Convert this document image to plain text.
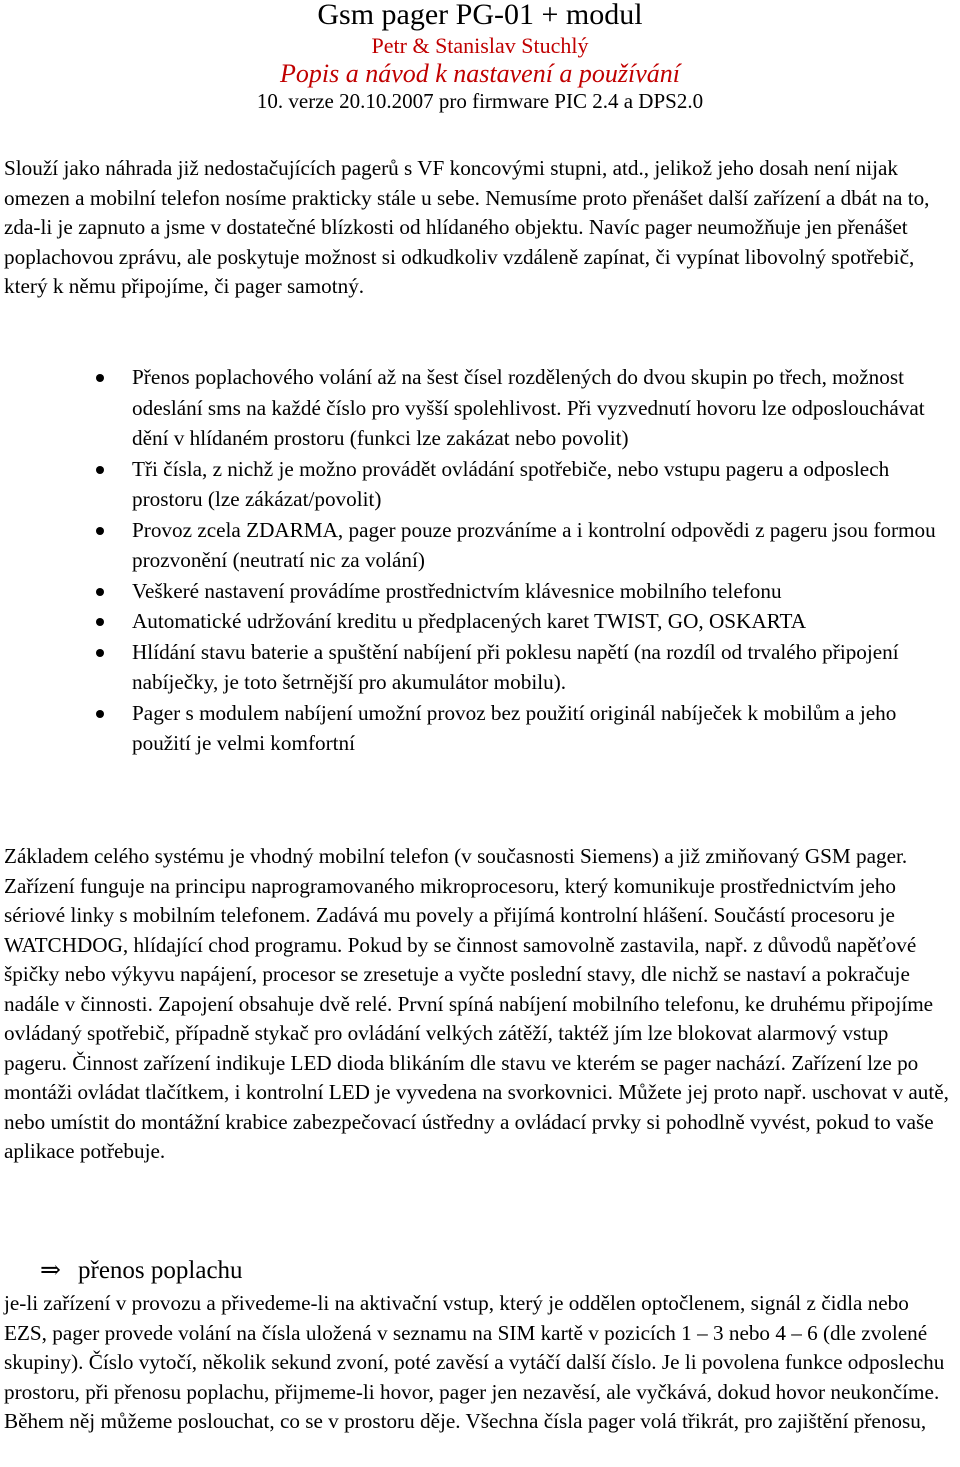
Gsm pager PG-01 + modul
Petr & Stanislav Stuchlý
Popis a návod k nastavení a používání
10. verze 20.10.2007 pro firmware PIC 2.4 a DPS2.0

Slouží jako náhrada již nedostačujících pagerů s VF koncovými stupni, atd., jelikož jeho dosah není nijak omezen a mobilní telefon nosíme prakticky stále u sebe. Nemusíme proto přenášet další zařízení a dbát na to, zda-li je zapnuto a jsme v dostatečné blízkosti od hlídaného objektu. Navíc pager neumožňuje jen přenášet poplachovou zprávu, ale poskytuje možnost si odkudkoliv vzdáleně zapínat, či vypínat libovolný spotřebič, který k němu připojíme, či pager samotný.

Přenos poplachového volání až na šest čísel rozdělených do dvou skupin po třech, možnost odeslání sms na každé číslo pro vyšší spolehlivost. Při vyzvednutí hovoru lze odposlouchávat dění v hlídaném prostoru (funkci lze zakázat nebo povolit)
Tři čísla, z nichž je možno provádět ovládání spotřebiče, nebo vstupu pageru a odposlech prostoru (lze zákázat/povolit)
Provoz zcela ZDARMA, pager pouze prozváníme a i kontrolní odpovědi z pageru jsou formou prozvonění (neutratí nic za volání)
Veškeré nastavení provádíme prostřednictvím klávesnice mobilního telefonu
Automatické udržování kreditu u předplacených karet TWIST, GO, OSKARTA
Hlídání stavu baterie a spuštění nabíjení při poklesu napětí (na rozdíl od trvalého připojení nabíječky, je toto šetrnější pro akumulátor mobilu).
Pager s modulem nabíjení umožní provoz bez použití originál nabíječek k mobilům a jeho použití je velmi komfortní

Základem celého systému je vhodný mobilní telefon (v současnosti Siemens) a již zmiňovaný GSM pager. Zařízení funguje na principu naprogramovaného mikroprocesoru, který komunikuje prostřednictvím jeho sériové linky s mobilním telefonem. Zadává mu povely a přijímá kontrolní hlášení. Součástí procesoru je WATCHDOG, hlídající chod programu. Pokud by se činnost samovolně zastavila, např. z důvodů napěťové špičky nebo výkyvu napájení, procesor se zresetuje a vyčte poslední stavy, dle nichž se nastaví a pokračuje nadále v činnosti. Zapojení obsahuje dvě relé. První spíná nabíjení mobilního telefonu, ke druhému připojíme ovládaný spotřebič, případně stykač pro ovládání velkých zátěží, taktéž jím lze blokovat alarmový vstup pageru. Činnost zařízení indikuje LED dioda blikáním dle stavu ve kterém se pager nachází. Zařízení lze po montáži ovládat tlačítkem, i kontrolní LED je vyvedena na svorkovnici. Můžete jej proto např. uschovat v autě, nebo umístit do montážní krabice zabezpečovací ústředny a ovládací prvky si pohodlně vyvést, pokud to vaše aplikace potřebuje.

⇒ přenos poplachu

je-li zařízení v provozu a přivedeme-li na aktivační vstup, který je oddělen optočlenem, signál z čidla nebo EZS, pager provede volání na čísla uložená v seznamu na SIM kartě v pozicích 1 – 3 nebo 4 – 6 (dle zvolené skupiny). Číslo vytočí, několik sekund zvoní, poté zavěsí a vytáčí další číslo. Je li povolena funkce odposlechu prostoru, při přenosu poplachu, přijmeme-li hovor, pager jen nezavěsí, ale vyčkává, dokud hovor neukončíme. Během něj můžeme poslouchat, co se v prostoru děje. Všechna čísla pager volá třikrát, pro zajištění přenosu,
